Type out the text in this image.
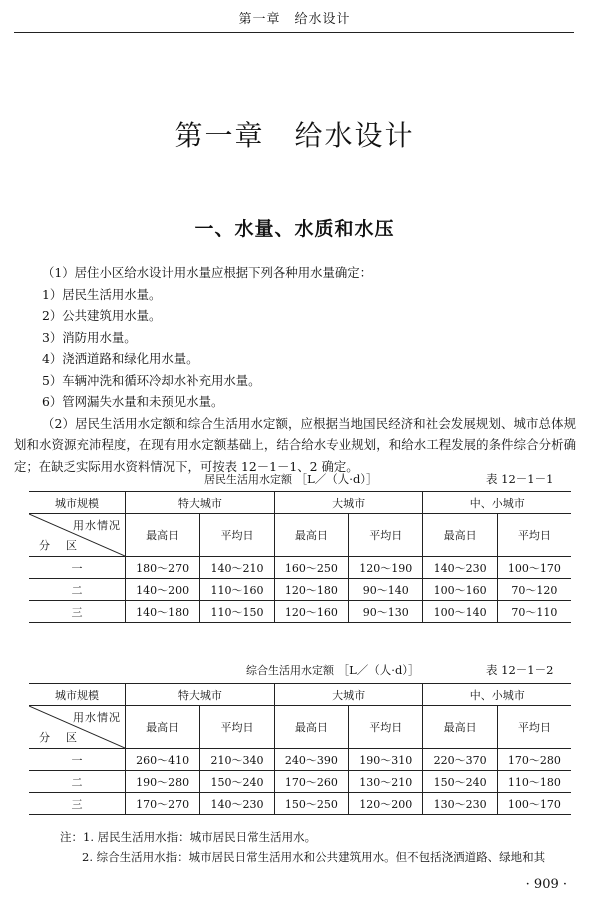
第一章　给水设计
第一章　给水设计
一、水量、水质和水压

（1）居住小区给水设计用水量应根据下列各种用水量确定：

1）居民生活用水量。

2）公共建筑用水量。

3）消防用水量。

4）浇洒道路和绿化用水量。

5）车辆冲洗和循环冷却水补充用水量。

6）管网漏失水量和未预见水量。

（2）居民生活用水定额和综合生活用水定额，应根据当地国民经济和社会发展规划、城市总体规划和水资源充沛程度，在现有用水定额基础上，结合给水专业规划，和给水工程发展的条件综合分析确定；在缺乏实际用水资料情况下，可按表 12－1－1、2 确定。

居民生活用水定额 ［L／（人·d）］	表 12－1－1
城市规模	特大城市		大城市		中、小城市	

用水情况
分区	最高日	平均日	最高日	平均日	最高日	平均日
一	180～270	140～210	160～250	120～190	140～230	100～170
二	140～200	110～160	120～180	90～140	100～160	70～120
三	140～180	110～150	120～160	90～130	100～140	70～110
综合生活用水定额 ［L／（人·d）］	表 12－1－2
城市规模	特大城市		大城市		中、小城市	

用水情况
分区	最高日	平均日	最高日	平均日	最高日	平均日
一	260～410	210～340	240～390	190～310	220～370	170～280
二	190～280	150～240	170～260	130～210	150～240	110～180
三	170～270	140～230	150～250	120～200	130～230	100～170

注：1. 居民生活用水指：城市居民日常生活用水。

2. 综合生活用水指：城市居民日常生活用水和公共建筑用水。但不包括浇洒道路、绿地和其

· 909 ·
